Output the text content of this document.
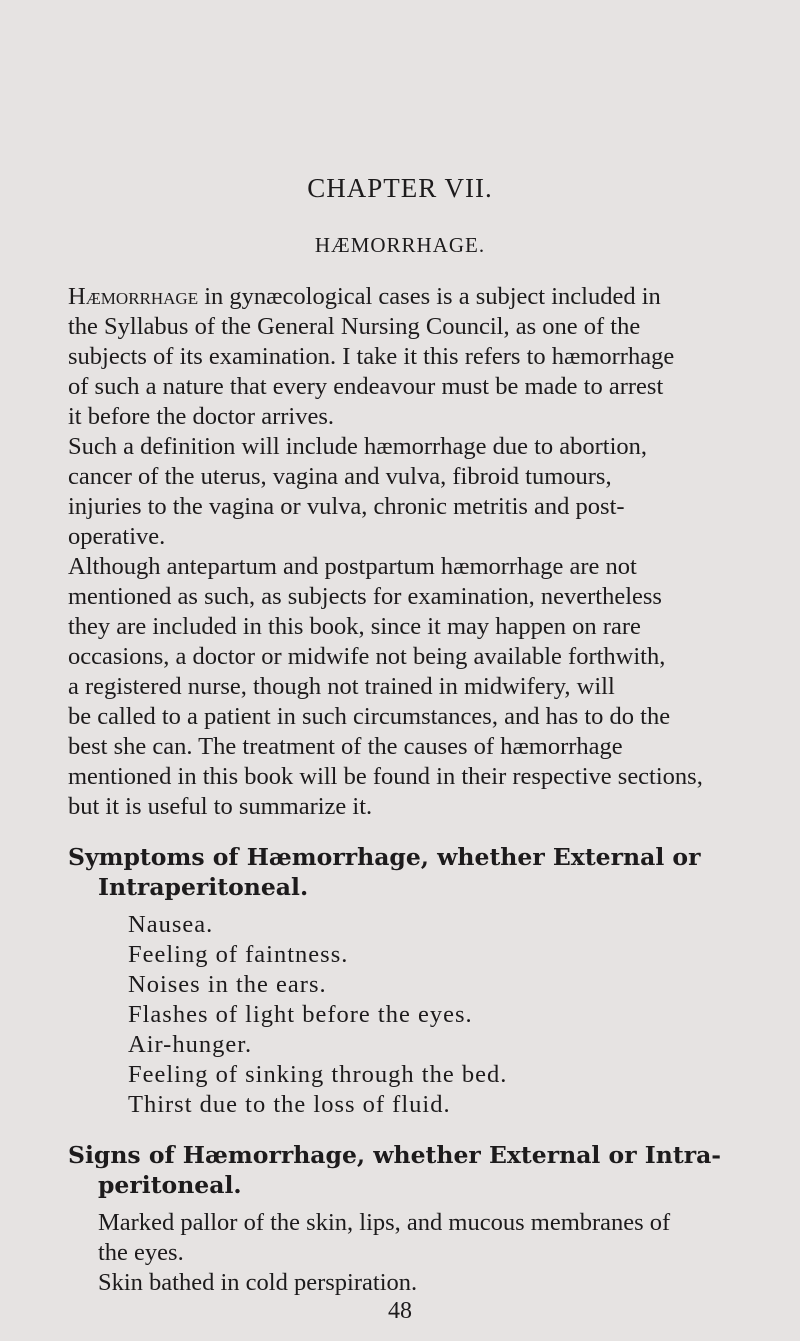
CHAPTER VII.
HÆMORRHAGE.
Hæmorrhage in gynæcological cases is a subject included in
the Syllabus of the General Nursing Council, as one of the
subjects of its examination. I take it this refers to hæmorrhage
of such a nature that every endeavour must be made to arrest
it before the doctor arrives.
Such a definition will include hæmorrhage due to abortion,
cancer of the uterus, vagina and vulva, fibroid tumours,
injuries to the vagina or vulva, chronic metritis and post-
operative.
Although antepartum and postpartum hæmorrhage are not
mentioned as such, as subjects for examination, nevertheless
they are included in this book, since it may happen on rare
occasions, a doctor or midwife not being available forthwith,
a registered nurse, though not trained in midwifery, will
be called to a patient in such circumstances, and has to do the
best she can. The treatment of the causes of hæmorrhage
mentioned in this book will be found in their respective sections,
but it is useful to summarize it.
Symptoms of Hæmorrhage, whether External or
Intraperitoneal.
Nausea.
Feeling of faintness.
Noises in the ears.
Flashes of light before the eyes.
Air-hunger.
Feeling of sinking through the bed.
Thirst due to the loss of fluid.
Signs of Hæmorrhage, whether External or Intra-
peritoneal.
Marked pallor of the skin, lips, and mucous membranes of
the eyes.
Skin bathed in cold perspiration.
48
